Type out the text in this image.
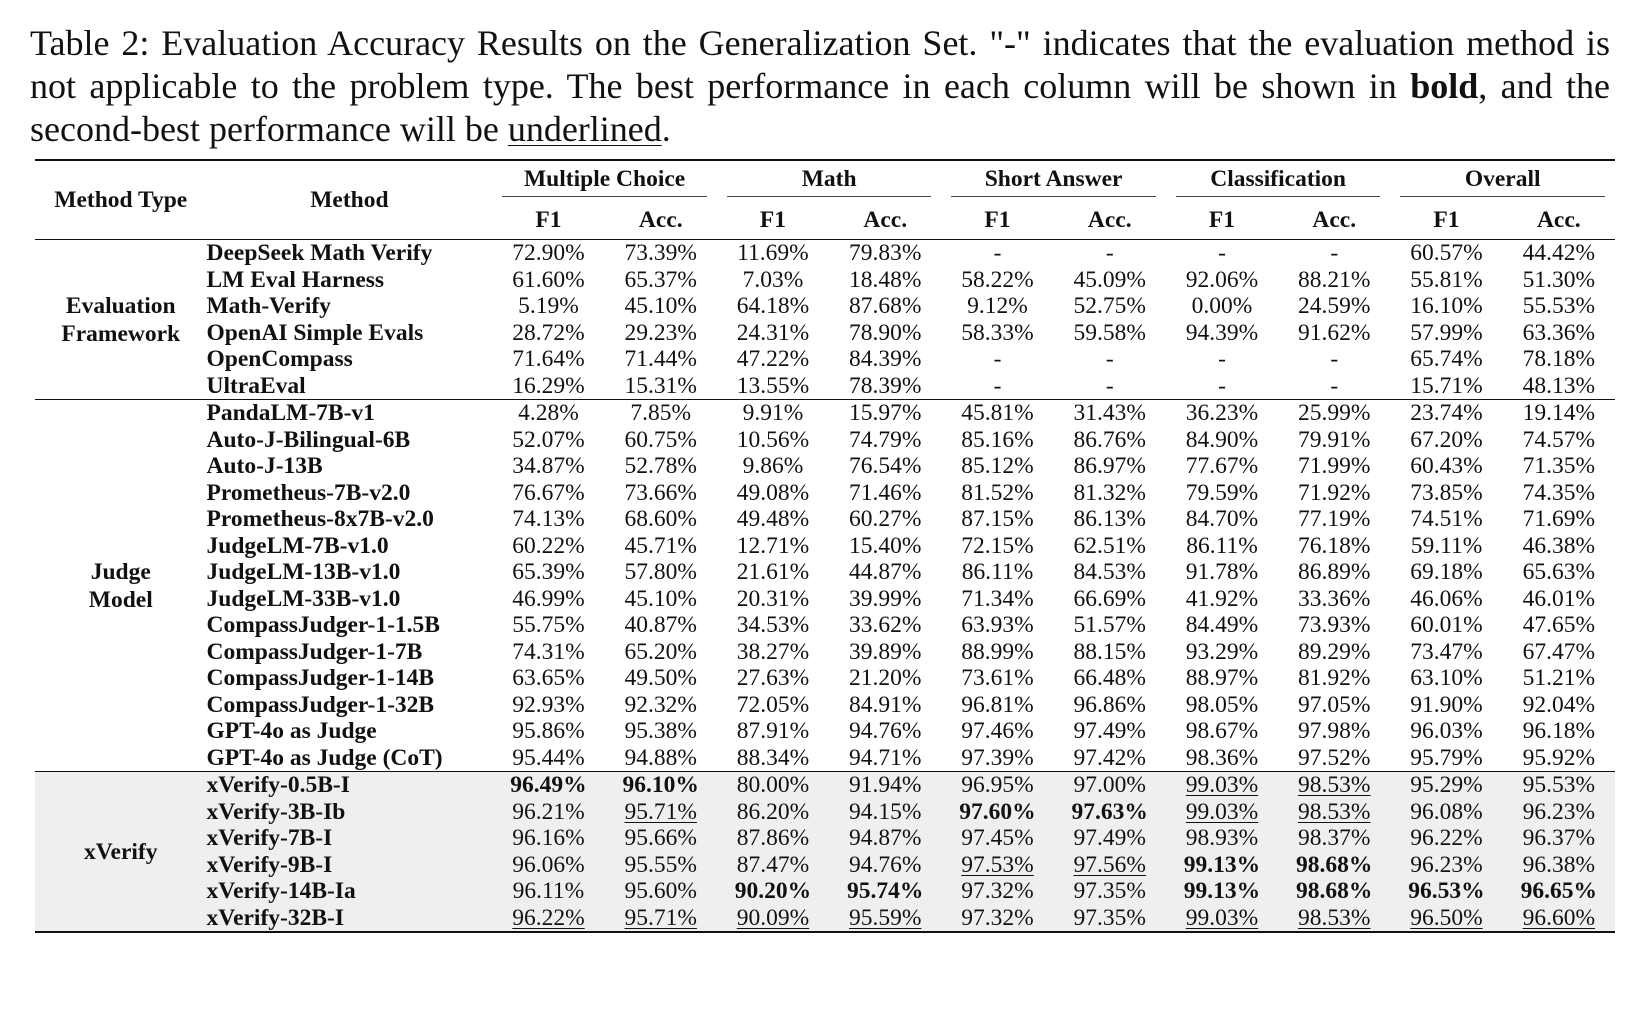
Table 2: Evaluation Accuracy Results on the Generalization Set. "-" indicates that the evaluation method is not applicable to the problem type. The best performance in each column will be shown in bold, and the second-best performance will be underlined.

Method Type	Method	Multiple Choice		Math		Short Answer		Classification		Overall	

		F1	Acc.	F1	Acc.	F1	Acc.	F1	Acc.	F1	Acc.
Evaluation
Framework	DeepSeek Math Verify	72.90%	73.39%	11.69%	79.83%	-	-	-	-	60.57%	44.42%
	LM Eval Harness	61.60%	65.37%	7.03%	18.48%	58.22%	45.09%	92.06%	88.21%	55.81%	51.30%
	Math-Verify	5.19%	45.10%	64.18%	87.68%	9.12%	52.75%	0.00%	24.59%	16.10%	55.53%
	OpenAI Simple Evals	28.72%	29.23%	24.31%	78.90%	58.33%	59.58%	94.39%	91.62%	57.99%	63.36%
	OpenCompass	71.64%	71.44%	47.22%	84.39%	-	-	-	-	65.74%	78.18%
	UltraEval	16.29%	15.31%	13.55%	78.39%	-	-	-	-	15.71%	48.13%
Judge
Model	PandaLM-7B-v1	4.28%	7.85%	9.91%	15.97%	45.81%	31.43%	36.23%	25.99%	23.74%	19.14%
	Auto-J-Bilingual-6B	52.07%	60.75%	10.56%	74.79%	85.16%	86.76%	84.90%	79.91%	67.20%	74.57%
	Auto-J-13B	34.87%	52.78%	9.86%	76.54%	85.12%	86.97%	77.67%	71.99%	60.43%	71.35%
	Prometheus-7B-v2.0	76.67%	73.66%	49.08%	71.46%	81.52%	81.32%	79.59%	71.92%	73.85%	74.35%
	Prometheus-8x7B-v2.0	74.13%	68.60%	49.48%	60.27%	87.15%	86.13%	84.70%	77.19%	74.51%	71.69%
	JudgeLM-7B-v1.0	60.22%	45.71%	12.71%	15.40%	72.15%	62.51%	86.11%	76.18%	59.11%	46.38%
	JudgeLM-13B-v1.0	65.39%	57.80%	21.61%	44.87%	86.11%	84.53%	91.78%	86.89%	69.18%	65.63%
	JudgeLM-33B-v1.0	46.99%	45.10%	20.31%	39.99%	71.34%	66.69%	41.92%	33.36%	46.06%	46.01%
	CompassJudger-1-1.5B	55.75%	40.87%	34.53%	33.62%	63.93%	51.57%	84.49%	73.93%	60.01%	47.65%
	CompassJudger-1-7B	74.31%	65.20%	38.27%	39.89%	88.99%	88.15%	93.29%	89.29%	73.47%	67.47%
	CompassJudger-1-14B	63.65%	49.50%	27.63%	21.20%	73.61%	66.48%	88.97%	81.92%	63.10%	51.21%
	CompassJudger-1-32B	92.93%	92.32%	72.05%	84.91%	96.81%	96.86%	98.05%	97.05%	91.90%	92.04%
	GPT-4o as Judge	95.86%	95.38%	87.91%	94.76%	97.46%	97.49%	98.67%	97.98%	96.03%	96.18%
	GPT-4o as Judge (CoT)	95.44%	94.88%	88.34%	94.71%	97.39%	97.42%	98.36%	97.52%	95.79%	95.92%
xVerify	xVerify-0.5B-I	96.49%	96.10%	80.00%	91.94%	96.95%	97.00%	99.03%	98.53%	95.29%	95.53%
	xVerify-3B-Ib	96.21%	95.71%	86.20%	94.15%	97.60%	97.63%	99.03%	98.53%	96.08%	96.23%
	xVerify-7B-I	96.16%	95.66%	87.86%	94.87%	97.45%	97.49%	98.93%	98.37%	96.22%	96.37%
	xVerify-9B-I	96.06%	95.55%	87.47%	94.76%	97.53%	97.56%	99.13%	98.68%	96.23%	96.38%
	xVerify-14B-Ia	96.11%	95.60%	90.20%	95.74%	97.32%	97.35%	99.13%	98.68%	96.53%	96.65%
	xVerify-32B-I	96.22%	95.71%	90.09%	95.59%	97.32%	97.35%	99.03%	98.53%	96.50%	96.60%
